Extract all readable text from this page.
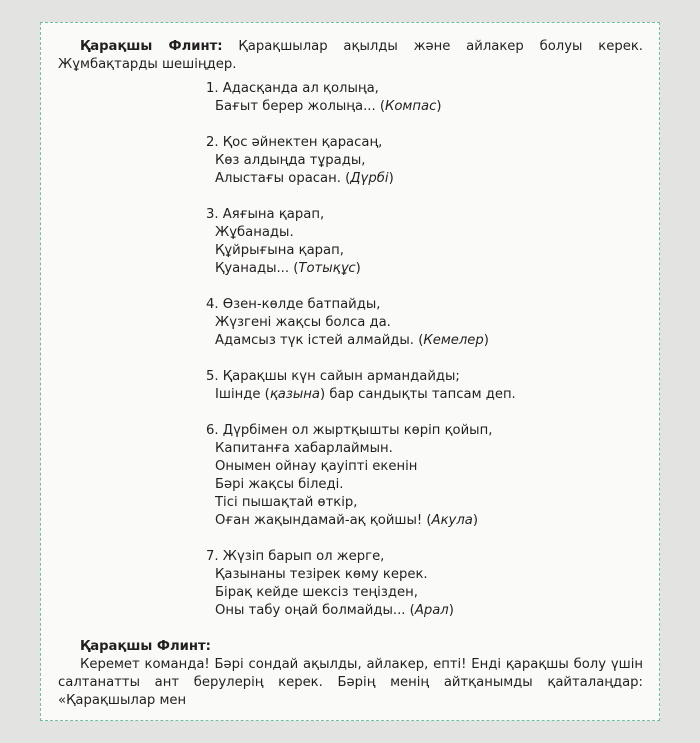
Қарақшы Флинт: Қарақшылар ақылды және айлакер болуы керек. Жұмбақтарды шешіңдер.

1. Адасқанда ал қолыңа,
Бағыт берер жолыңа... (Компас)
2. Қос әйнектен қарасаң,
Көз алдыңда тұрады,
Алыстағы орасан. (Дүрбі)
3. Аяғына қарап,
Жұбанады.
Құйрығына қарап,
Қуанады... (Тотықұс)
4. Өзен-көлде батпайды,
Жүзгені жақсы болса да.
Адамсыз түк істей алмайды. (Кемелер)
5. Қарақшы күн сайын армандайды;
Ішінде (қазына) бар сандықты тапсам деп.
6. Дүрбімен ол жыртқышты көріп қойып,
Капитанға хабарлаймын.
Онымен ойнау қауіпті екенін
Бәрі жақсы біледі.
Тісі пышақтай өткір,
Оған жақындамай-ақ қойшы! (Акула)
7. Жүзіп барып ол жерге,
Қазынаны тезірек көму керек.
Бірақ кейде шексіз теңізден,
Оны табу оңай болмайды... (Арал)

Қарақшы Флинт:

Керемет команда! Бәрі сондай ақылды, айлакер, епті! Енді қарақшы болу үшін салтанатты ант берулерің керек. Бәрің менің айтқанымды қайталаңдар: «Қарақшылар мен
